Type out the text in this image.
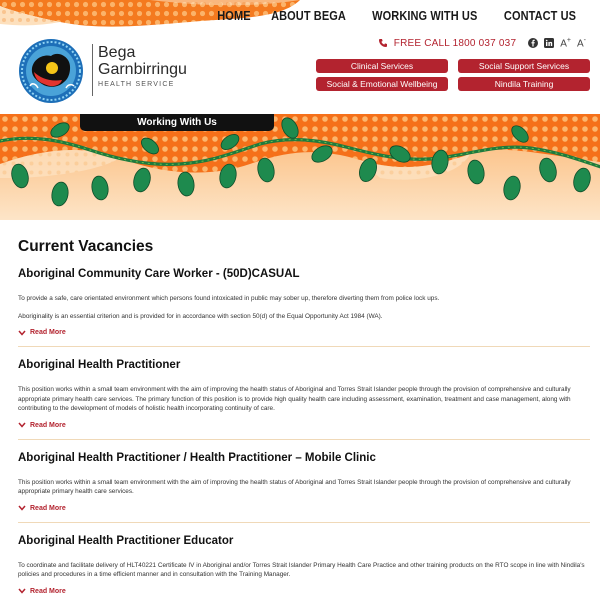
HOME	ABOUT BEGA	WORKING WITH US	CONTACT US
Bega
Garnbirringu
HEALTH SERVICE
FREE CALL 1800 037 037	A+ A-
Clinical Services	Social Support Services
Social & Emotional Wellbeing	Nindila Training
Working With Us
Current Vacancies
Aboriginal Community Care Worker - (50D)CASUAL

To provide a safe, care orientated environment which persons found intoxicated in public may sober up, therefore diverting them from police lock ups.

Aboriginality is an essential criterion and is provided for in accordance with section 50(d) of the Equal Opportunity Act 1984 (WA).

Read More
Aboriginal Health Practitioner

This position works within a small team environment with the aim of improving the health status of Aboriginal and Torres Strait Islander people through the provision of comprehensive and culturally appropriate primary health care services. The primary function of this position is to provide high quality health care including assessment, examination, treatment and case management, along with contributing to the development of models of holistic health incorporating continuity of care.

Read More
Aboriginal Health Practitioner / Health Practitioner – Mobile Clinic

This position works within a small team environment with the aim of improving the health status of Aboriginal and Torres Strait Islander people through the provision of comprehensive and culturally appropriate primary health care services.

Read More
Aboriginal Health Practitioner Educator

To coordinate and facilitate delivery of HLT40221 Certificate IV in Aboriginal and/or Torres Strait Islander Primary Health Care Practice and other training products on the RTO scope in line with Nindila's policies and procedures in a time efficient manner and in consultation with the Training Manager.

Read More
